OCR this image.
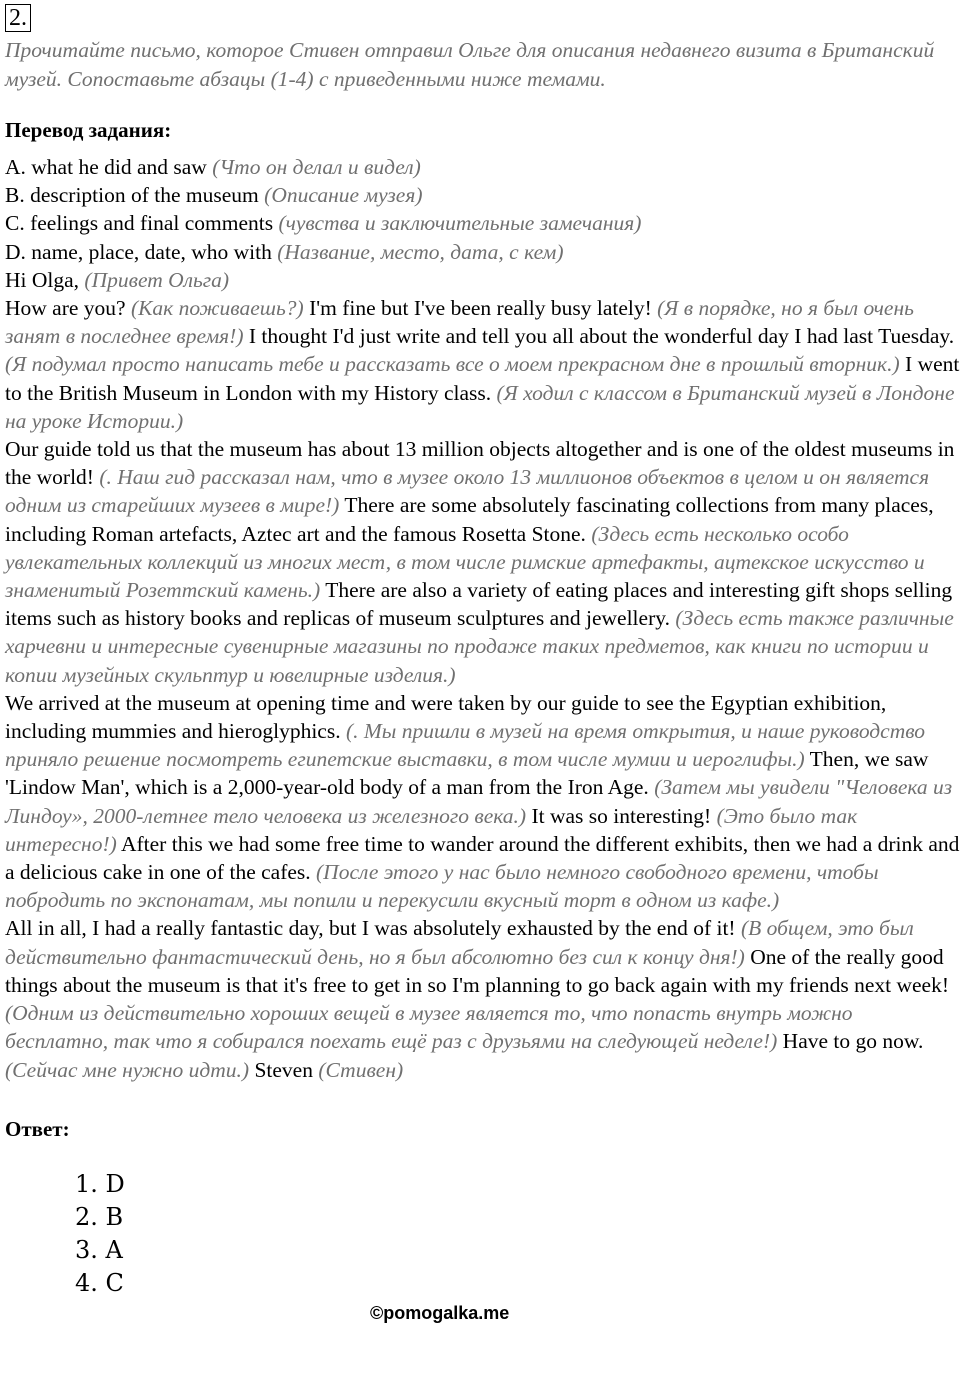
2.
Прочитайте письмо, которое Стивен отправил Ольге для описания недавнего визита в Британский музей. Сопоставьте абзацы (1-4) с приведенными ниже темами.
Перевод задания:
A. what he did and saw (Что он делал и видел)
B. description of the museum (Описание музея)
C. feelings and final comments (чувства и заключительные замечания)
D. name, place, date, who with (Название, место, дата, с кем)
Hi Olga, (Привет Ольга)
How are you? (Как поживаешь?) I'm fine but I've been really busy lately! (Я в порядке, но я был очень занят в последнее время!) I thought I'd just write and tell you all about the wonderful day I had last Tuesday. (Я подумал просто написать тебе и рассказать все о моем прекрасном дне в прошлый вторник.) I went to the British Museum in London with my History class. (Я ходил с классом в Британский музей в Лондоне на уроке Истории.)
Our guide told us that the museum has about 13 million objects altogether and is one of the oldest museums in the world! (. Наш гид рассказал нам, что в музее около 13 миллионов объектов в целом и он является одним из старейших музеев в мире!) There are some absolutely fascinating collections from many places, including Roman artefacts, Aztec art and the famous Rosetta Stone. (Здесь есть несколько особо увлекательных коллекций из многих мест, в том числе римские артефакты, ацтекское искусство и знаменитый Розеттский камень.) There are also a variety of eating places and interesting gift shops selling items such as history books and replicas of museum sculptures and jewellery. (Здесь есть также различные харчевни и интересные сувенирные магазины по продаже таких предметов, как книги по истории и копии музейных скульптур и ювелирные изделия.)
We arrived at the museum at opening time and were taken by our guide to see the Egyptian exhibition, including mummies and hieroglyphics. (. Мы пришли в музей на время открытия, и наше руководство приняло решение посмотреть египетские выставки, в том числе мумии и иероглифы.) Then, we saw 'Lindow Man', which is a 2,000-year-old body of a man from the Iron Age. (Затем мы увидели "Человека из Линдоу», 2000-летнее тело человека из железного века.) It was so interesting! (Это было так интересно!) After this we had some free time to wander around the different exhibits, then we had a drink and a delicious cake in one of the cafes. (После этого у нас было немного свободного времени, чтобы побродить по экспонатам, мы попили и перекусили вкусный торт в одном из кафе.)
All in all, I had a really fantastic day, but I was absolutely exhausted by the end of it! (В общем, это был действительно фантастический день, но я был абсолютно без сил к концу дня!) One of the really good things about the museum is that it's free to get in so I'm planning to go back again with my friends next week! (Одним из действительно хороших вещей в музее является то, что попасть внутрь можно бесплатно, так что я собирался поехать ещё раз с друзьями на следующей неделе!) Have to go now. (Сейчас мне нужно идти.) Steven (Стивен)
Ответ:
1. D
2. B
3. A
4. C
©pomogalka.me
